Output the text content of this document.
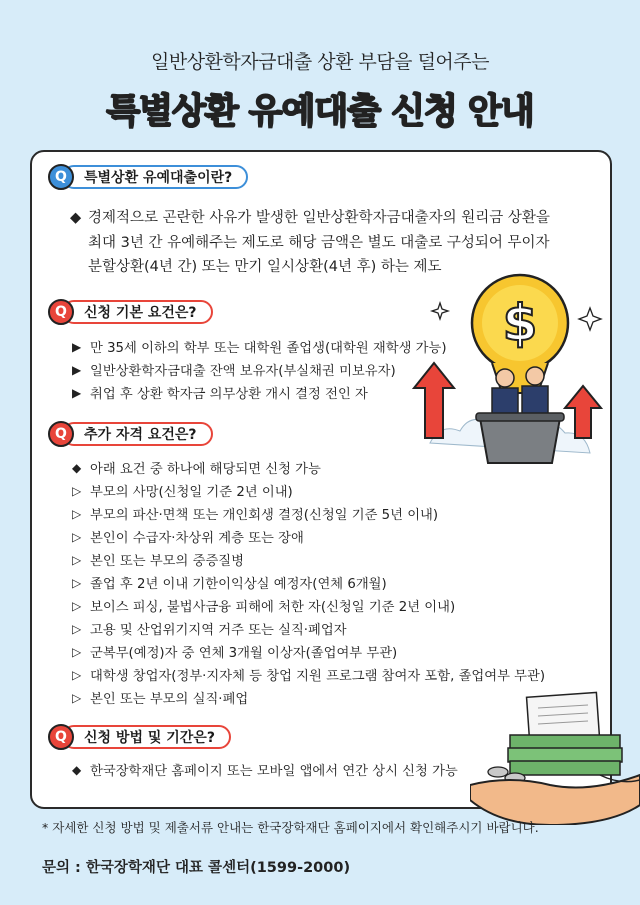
일반상환학자금대출 상환 부담을 덜어주는
특별상환 유예대출 신청 안내
Q	특별상환 유예대출이란?
◆ 경제적으로 곤란한 사유가 발생한 일반상환학자금대출자의 원리금 상환을
최대 3년 간 유예해주는 제도로 해당 금액은 별도 대출로 구성되어 무이자
분할상환(4년 간) 또는 만기 일시상환(4년 후) 하는 제도
Q	신청 기본 요건은?
▶ 만 35세 이하의 학부 또는 대학원 졸업생(대학원 재학생 가능)
▶ 일반상환학자금대출 잔액 보유자(부실채권 미보유자)
▶ 취업 후 상환 학자금 의무상환 개시 결정 전인 자
Q	추가 자격 요건은?
◆ 아래 요건 중 하나에 해당되면 신청 가능
▷ 부모의 사망(신청일 기준 2년 이내)
▷ 부모의 파산·면책 또는 개인회생 결정(신청일 기준 5년 이내)
▷ 본인이 수급자·차상위 계층 또는 장애
▷ 본인 또는 부모의 중증질병
▷ 졸업 후 2년 이내 기한이익상실 예정자(연체 6개월)
▷ 보이스 피싱, 불법사금융 피해에 처한 자(신청일 기준 2년 이내)
▷ 고용 및 산업위기지역 거주 또는 실직·폐업자
▷ 군복무(예정)자 중 연체 3개월 이상자(졸업여부 무관)
▷ 대학생 창업자(정부·지자체 등 창업 지원 프로그램 참여자 포함, 졸업여부 무관)
▷ 본인 또는 부모의 실직·폐업
Q	신청 방법 및 기간은?
◆ 한국장학재단 홈페이지 또는 모바일 앱에서 연간 상시 신청 가능
$
* 자세한 신청 방법 및 제출서류 안내는 한국장학재단 홈페이지에서 확인해주시기 바랍니다.
문의 : 한국장학재단 대표 콜센터(1599-2000)
